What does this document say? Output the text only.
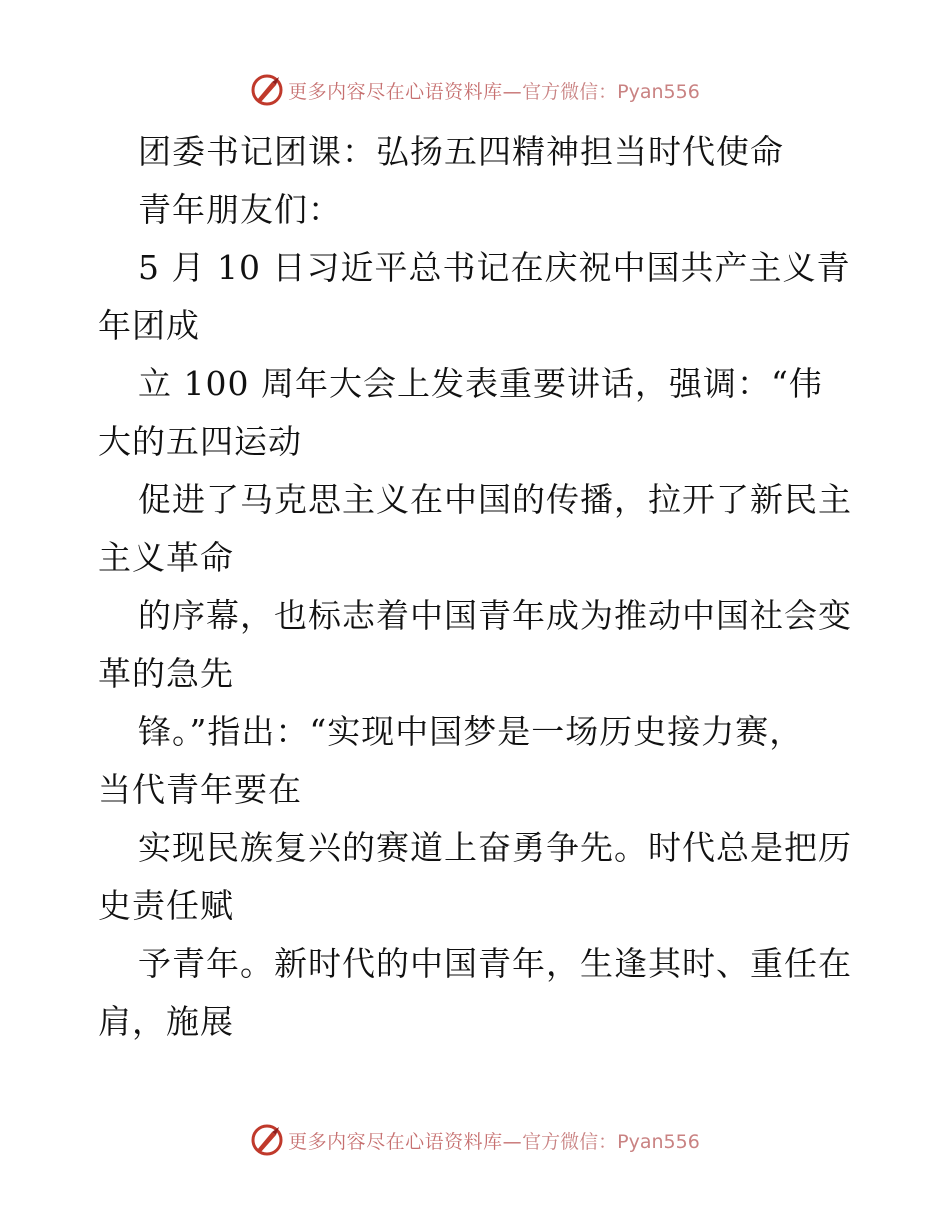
更多内容尽在心语资料库— 官方微信：Pyan556
团委书记团课：弘扬五四精神担当时代使命
青年朋友们：
5 月 10 日习近平总书记在庆祝中国共产主义青
年团成
立 100 周年大会上发表重要讲话，强调：“伟
大的五四运动
促进了马克思主义在中国的传播，拉开了新民主
主义革命
的序幕，也标志着中国青年成为推动中国社会变
革的急先
锋。”指出：“实现中国梦是一场历史接力赛，
当代青年要在
实现民族复兴的赛道上奋勇争先。时代总是把历
史责任赋
予青年。新时代的中国青年，生逢其时、重任在
肩，施展
更多内容尽在心语资料库— 官方微信：Pyan556
